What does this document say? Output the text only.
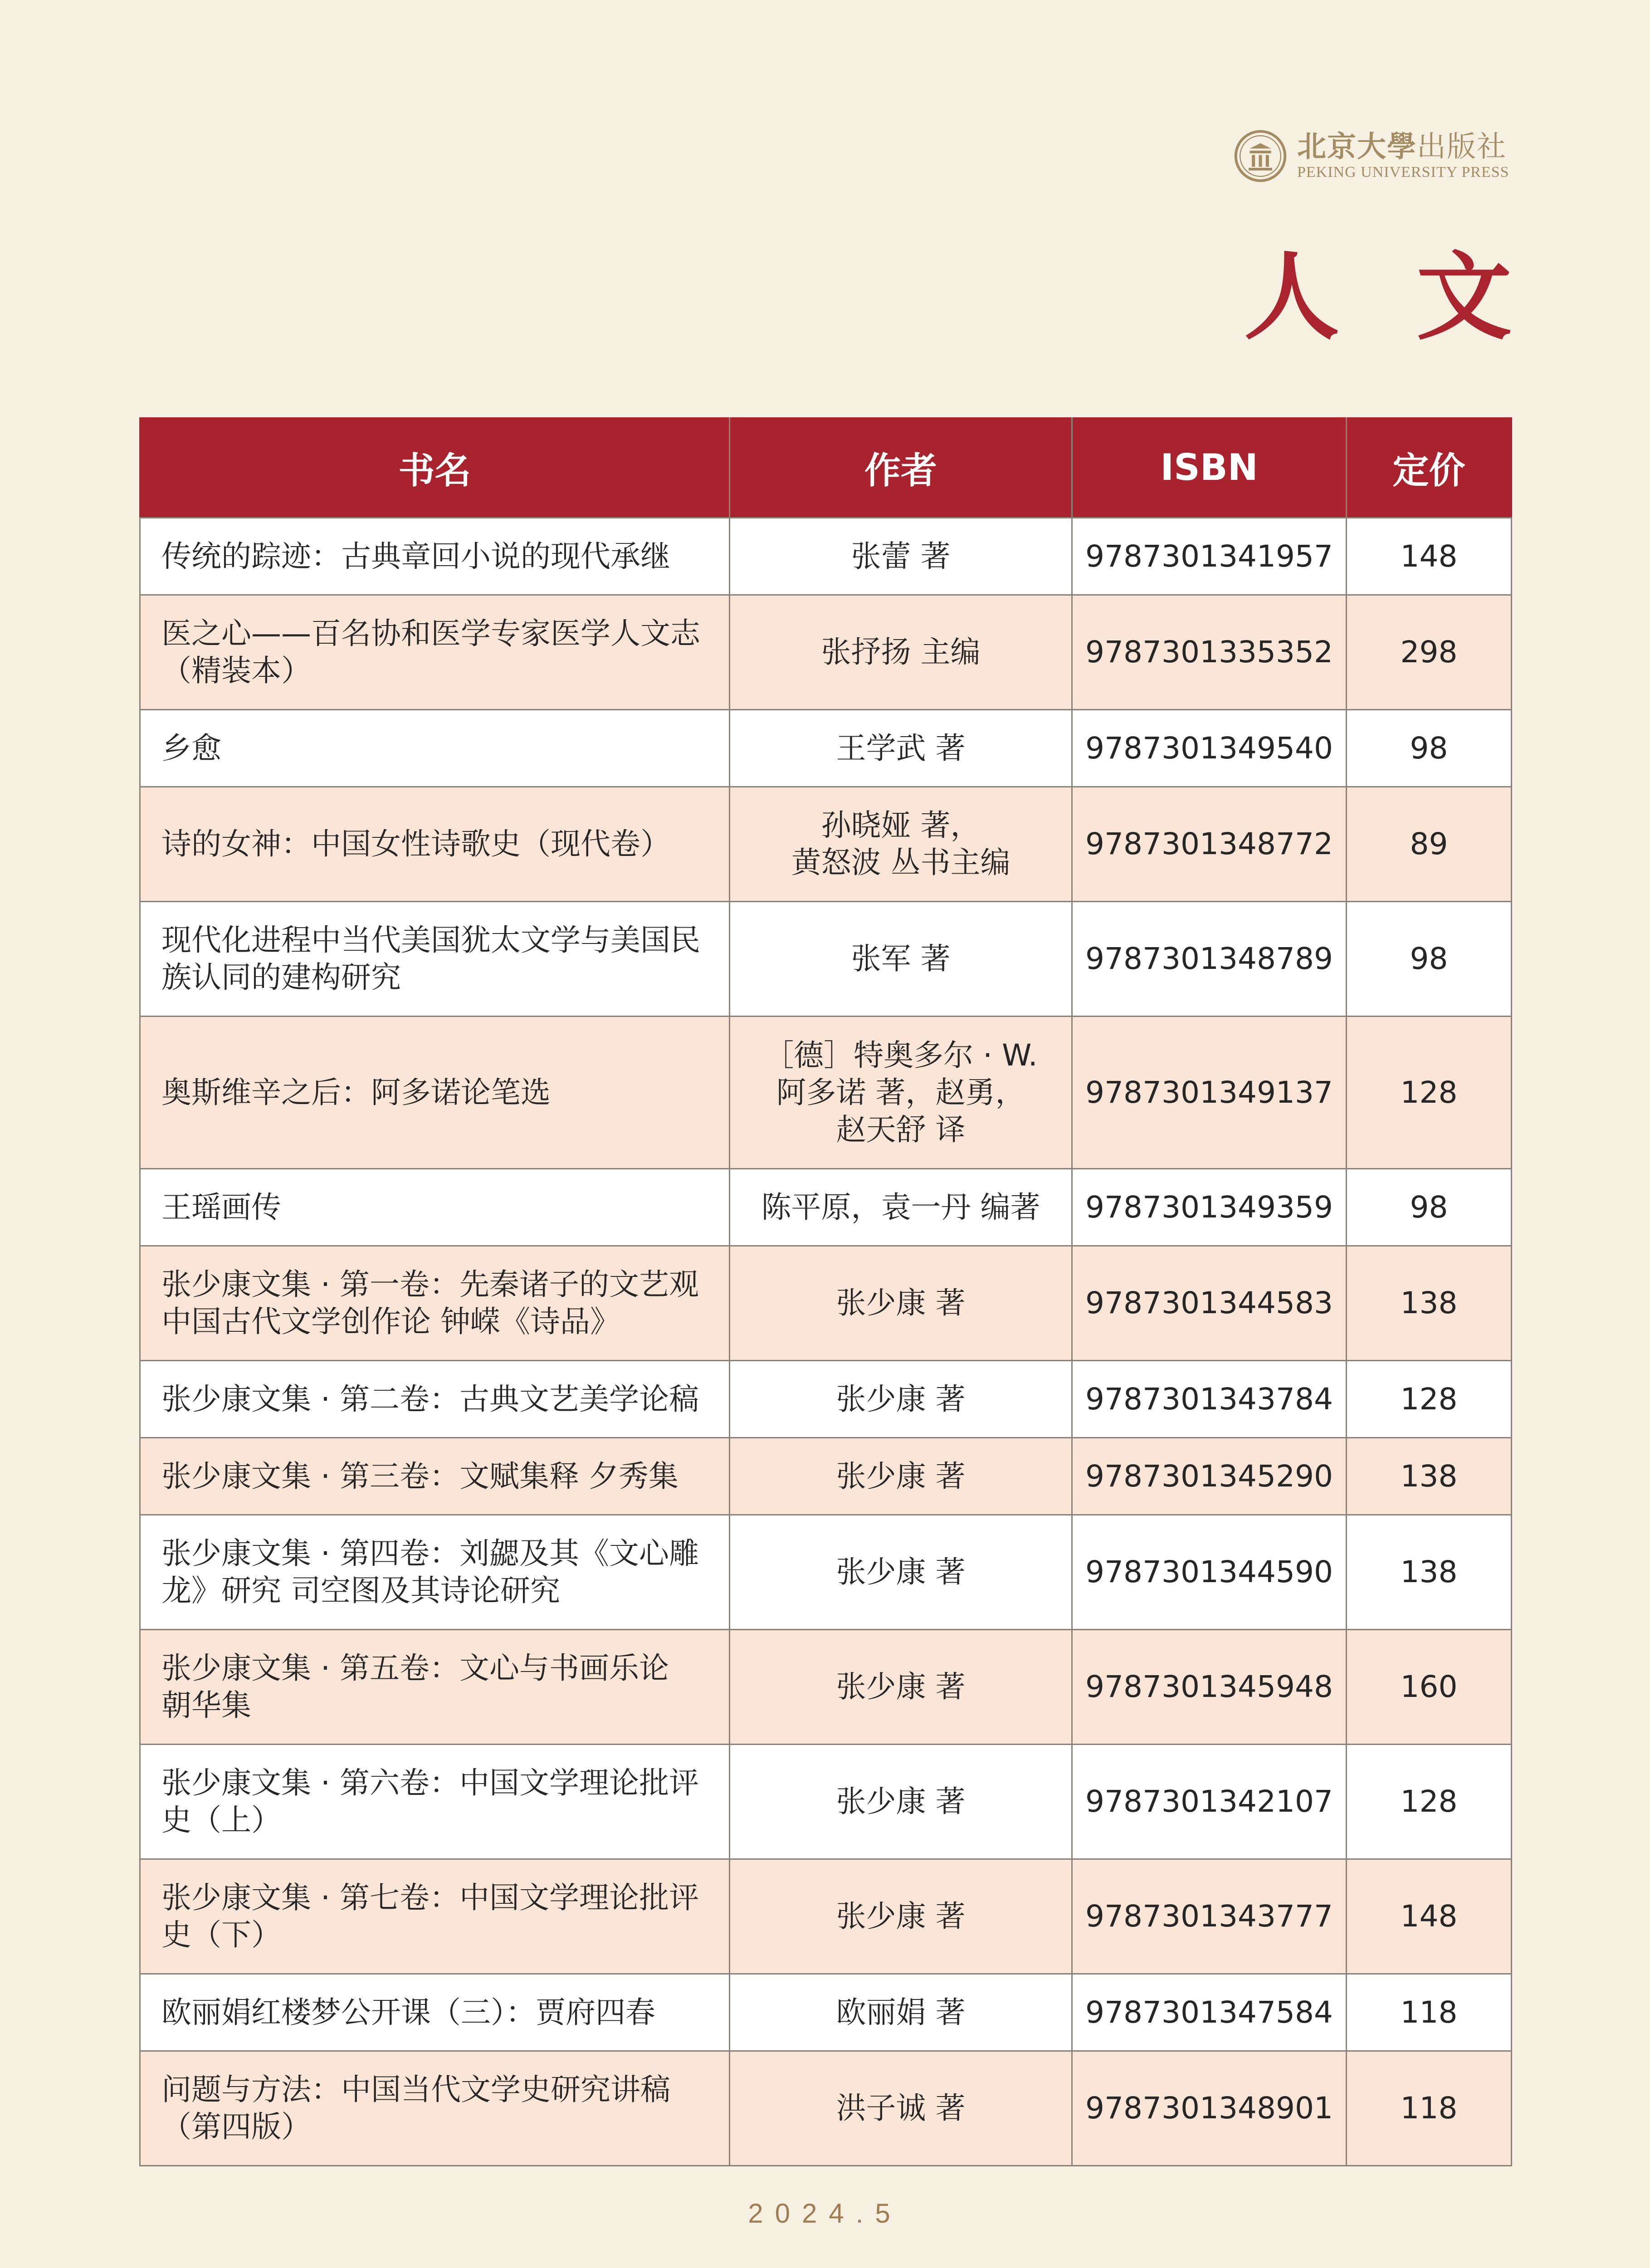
北京大學出版社
PEKING UNIVERSITY PRESS
人文
书名	作者	ISBN	定价

传统的踪迹：古典章回小说的现代承继	张蕾 著	9787301341957	148

医之心——百名协和医学专家医学人文志
（精装本）	张抒扬 主编	9787301335352	298

乡愈	王学武 著	9787301349540	98

诗的女神：中国女性诗歌史（现代卷）	孙晓娅 著，
黄怒波 丛书主编	9787301348772	89

现代化进程中当代美国犹太文学与美国民
族认同的建构研究	张军 著	9787301348789	98

奥斯维辛之后：阿多诺论笔选	［德］特奥多尔 · W.
阿多诺 著，赵勇，
赵天舒 译	9787301349137	128

王瑶画传	陈平原，袁一丹 编著	9787301349359	98

张少康文集 · 第一卷：先秦诸子的文艺观
中国古代文学创作论 钟嵘《诗品》	张少康 著	9787301344583	138

张少康文集 · 第二卷：古典文艺美学论稿	张少康 著	9787301343784	128

张少康文集 · 第三卷：文赋集释 夕秀集	张少康 著	9787301345290	138

张少康文集 · 第四卷：刘勰及其《文心雕
龙》研究 司空图及其诗论研究	张少康 著	9787301344590	138

张少康文集 · 第五卷：文心与书画乐论
朝华集	张少康 著	9787301345948	160

张少康文集 · 第六卷：中国文学理论批评
史（上）	张少康 著	9787301342107	128

张少康文集 · 第七卷：中国文学理论批评
史（下）	张少康 著	9787301343777	148

欧丽娟红楼梦公开课（三）：贾府四春	欧丽娟 著	9787301347584	118

问题与方法：中国当代文学史研究讲稿
（第四版）	洪子诚 著	9787301348901	118
2024.5
